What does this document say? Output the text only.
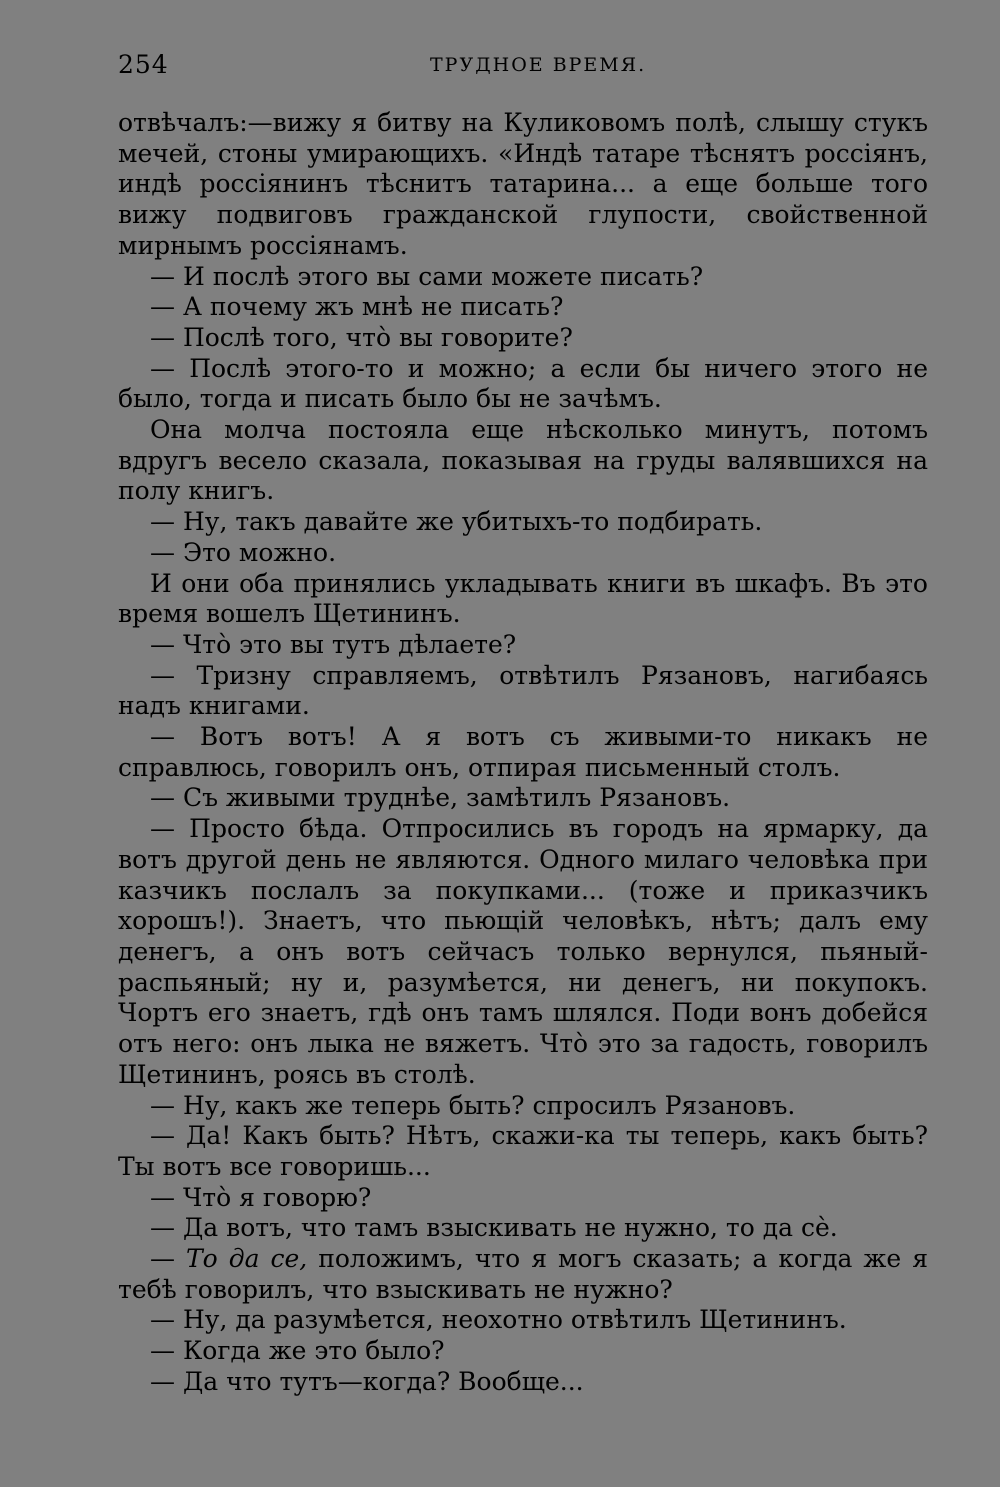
254	ТРУДНОЕ ВРЕМЯ.

отвѣчалъ:—вижу я битву на Куликовомъ полѣ, слышу стукъ мечей, стоны умирающихъ. «Индѣ татаре тѣснятъ россіянъ, индѣ россіянинъ тѣснитъ татарина... а еще больше того вижу подвиговъ гражданской глупости, свойственной мирнымъ россіянамъ.

— И послѣ этого вы сами можете писать?

— А почему жъ мнѣ не писать?

— Послѣ того, что̀ вы говорите?

— Послѣ этого-то и можно; а если бы ничего этого не было, тогда и писать было бы не зачѣмъ.

Она молча постояла еще нѣсколько минутъ, потомъ вдругъ весело сказала, показывая на груды валявшихся на полу книгъ.

— Ну, такъ давайте же убитыхъ-то подбирать.

— Это можно.

И они оба принялись укладывать книги въ шкафъ. Въ это время вошелъ Щетининъ.

— Что̀ это вы тутъ дѣлаете?

— Тризну справляемъ, отвѣтилъ Рязановъ, нагибаясь надъ книгами.

— Вотъ вотъ! А я вотъ съ живыми-то никакъ не справлюсь, говорилъ онъ, отпирая письменный столъ.

— Съ живыми труднѣе, замѣтилъ Рязановъ.

— Просто бѣда. Отпросились въ городъ на ярмарку, да вотъ другой день не являются. Одного милаго человѣка при казчикъ послалъ за покупками... (тоже и приказчикъ хорошъ!). Знаетъ, что пьющій человѣкъ, нѣтъ; далъ ему денегъ, а онъ вотъ сейчасъ только вернулся, пьяный-распьяный; ну и, разумѣется, ни денегъ, ни покупокъ. Чортъ его знаетъ, гдѣ онъ тамъ шлялся. Поди вонъ добейся отъ него: онъ лыка не вяжетъ. Что̀ это за гадость, говорилъ Щетининъ, роясь въ столѣ.

— Ну, какъ же теперь быть? спросилъ Рязановъ.

— Да! Какъ быть? Нѣтъ, скажи-ка ты теперь, какъ быть? Ты вотъ все говоришь...

— Что̀ я говорю?

— Да вотъ, что тамъ взыскивать не нужно, то да сѐ.

— То да се, положимъ, что я могъ сказать; а когда же я тебѣ говорилъ, что взыскивать не нужно?

— Ну, да разумѣется, неохотно отвѣтилъ Щетининъ.

— Когда же это было?

— Да что тутъ—когда? Вообще...
